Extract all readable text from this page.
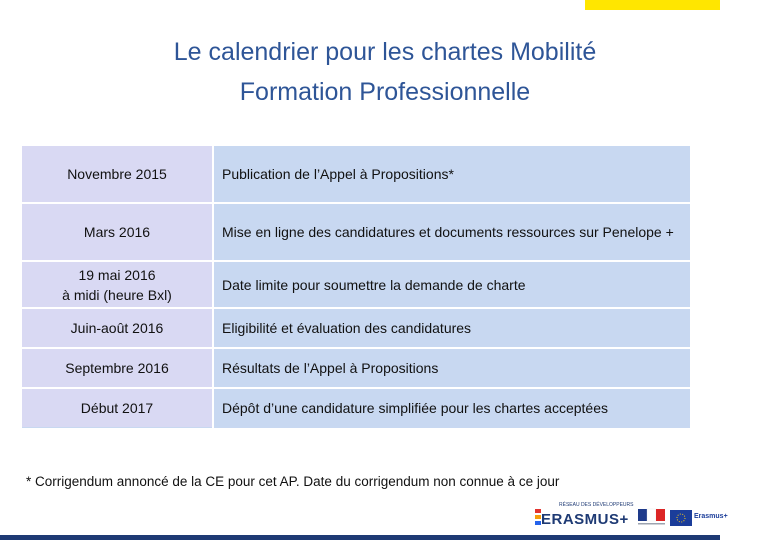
Le calendrier pour les chartes Mobilité
Formation Professionnelle
Novembre 2015	Publication de l’Appel à Propositions*

Mars 2016	Mise en ligne des candidatures et documents ressources sur Penelope +

19 mai 2016
à midi (heure Bxl)	Date limite pour soumettre la demande de charte

Juin-août 2016	Eligibilité et évaluation des candidatures

Septembre 2016	Résultats de l’Appel à Propositions

Début 2017	Dépôt d’une candidature simplifiée pour les chartes acceptées

* Corrigendum annoncé de la CE pour cet AP. Date du corrigendum non connue à ce jour

RÉSEAU DES DÉVELOPPEURS
ERASMUS+	Erasmus+
